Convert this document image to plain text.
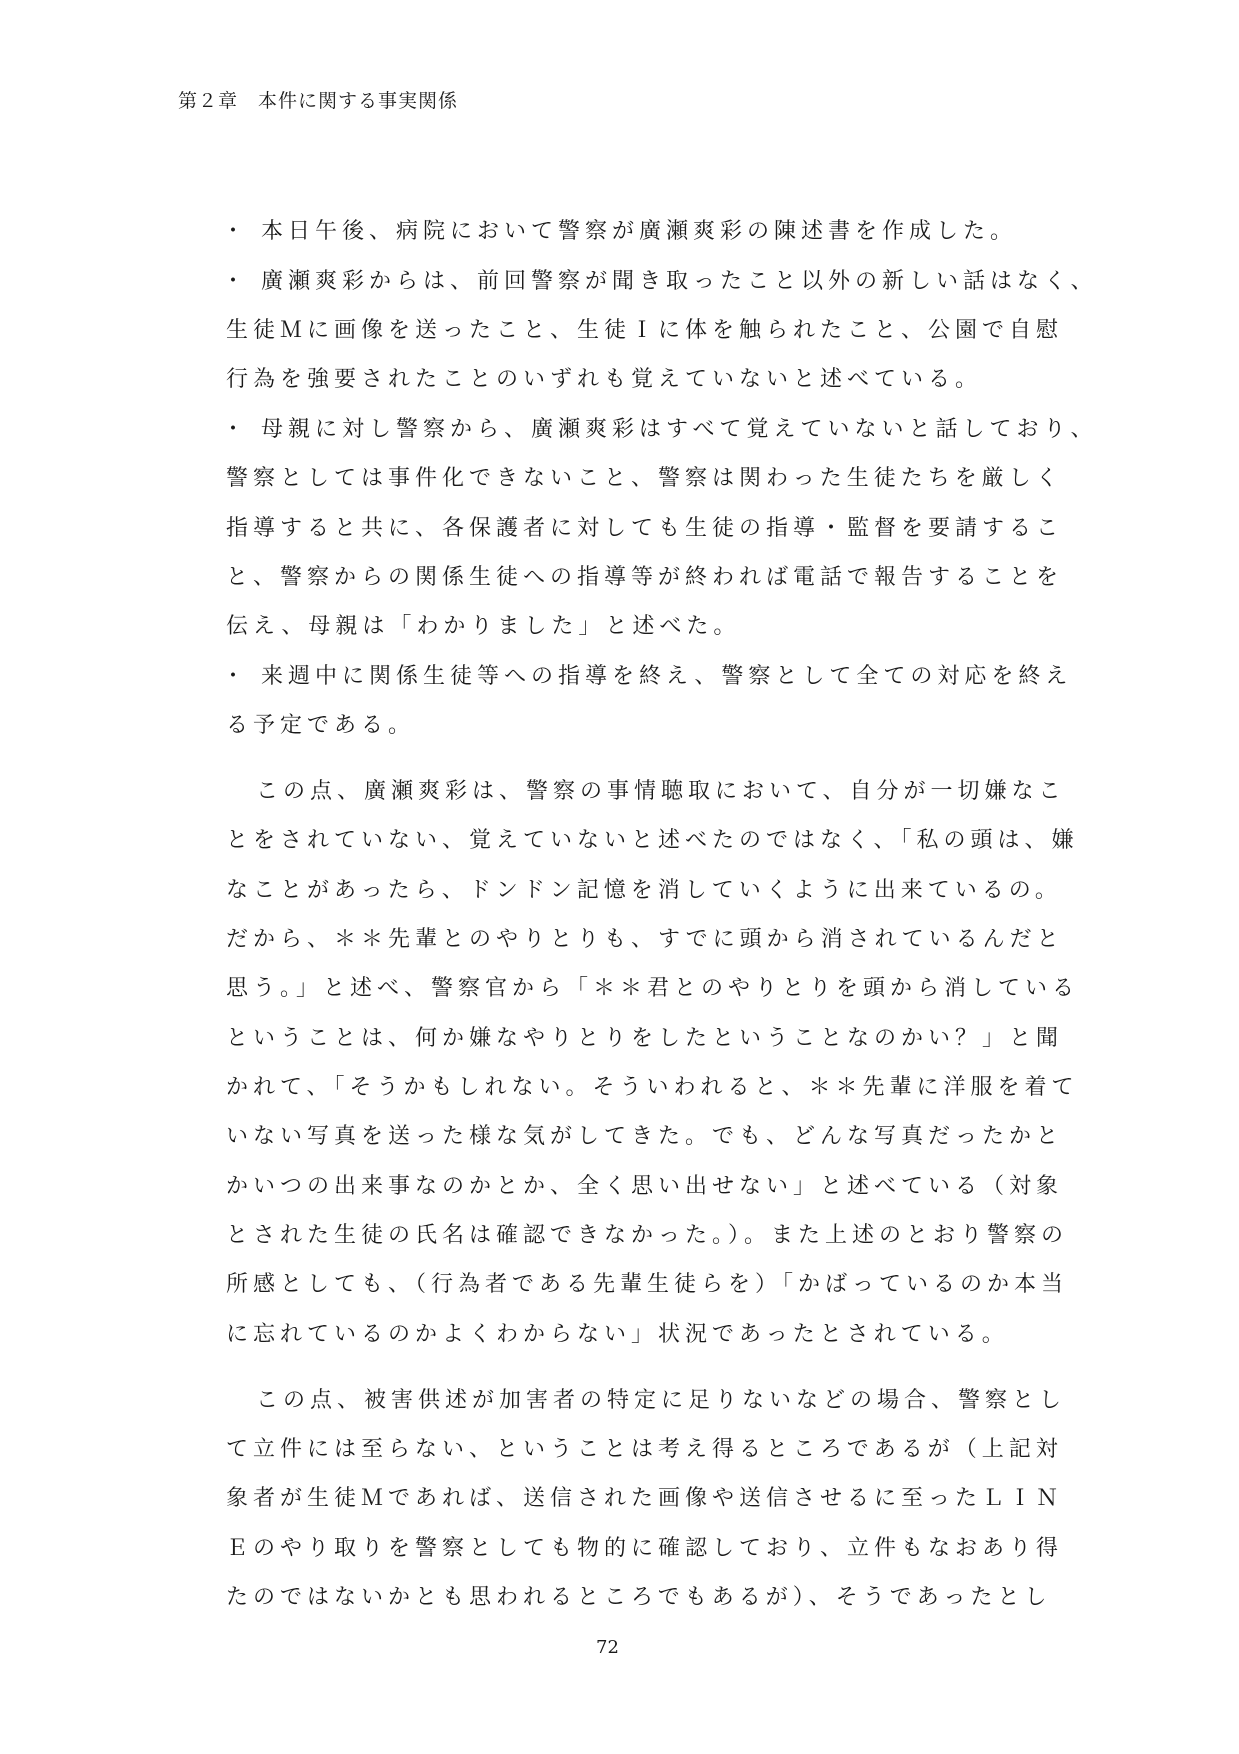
第２章　本件に関する事実関係
・ 本日午後、病院において警察が廣瀬爽彩の陳述書を作成した。
・ 廣瀬爽彩からは、前回警察が聞き取ったこと以外の新しい話はなく、
生徒Ｍに画像を送ったこと、生徒Ｉに体を触られたこと、公園で自慰
行為を強要されたことのいずれも覚えていないと述べている。
・ 母親に対し警察から、廣瀬爽彩はすべて覚えていないと話しており、
警察としては事件化できないこと、警察は関わった生徒たちを厳しく
指導すると共に、各保護者に対しても生徒の指導・監督を要請するこ
と、警察からの関係生徒への指導等が終われば電話で報告することを
伝え、母親は「わかりました」と述べた。
・ 来週中に関係生徒等への指導を終え、警察として全ての対応を終え
る予定である。
この点、廣瀬爽彩は、警察の事情聴取において、自分が一切嫌なこ
とをされていない、覚えていないと述べたのではなく、「私の頭は、嫌
なことがあったら、ドンドン記憶を消していくように出来ているの。
だから、＊＊先輩とのやりとりも、すでに頭から消されているんだと
思う。」と述べ、警察官から「＊＊君とのやりとりを頭から消している
ということは、何か嫌なやりとりをしたということなのかい？」と聞
かれて、「そうかもしれない。そういわれると、＊＊先輩に洋服を着て
いない写真を送った様な気がしてきた。でも、どんな写真だったかと
かいつの出来事なのかとか、全く思い出せない」と述べている（対象
とされた生徒の氏名は確認できなかった。）。また上述のとおり警察の
所感としても、（行為者である先輩生徒らを）「かばっているのか本当
に忘れているのかよくわからない」状況であったとされている。
この点、被害供述が加害者の特定に足りないなどの場合、警察とし
て立件には至らない、ということは考え得るところであるが（上記対
象者が生徒Ｍであれば、送信された画像や送信させるに至ったＬＩＮ
Ｅのやり取りを警察としても物的に確認しており、立件もなおあり得
たのではないかとも思われるところでもあるが）、そうであったとし
72
